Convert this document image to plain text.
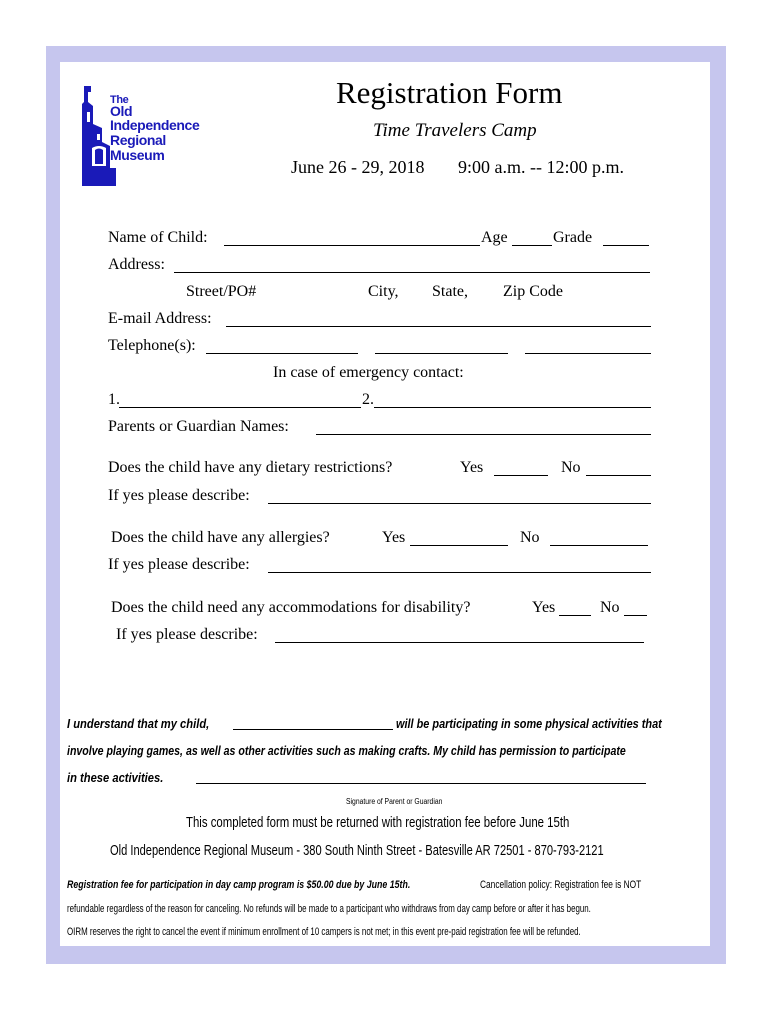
The
Old
Independence
Regional
Museum
Registration Form
Time Travelers Camp
June 26 - 29, 2018 9:00 a.m. -- 12:00 p.m.
Name of Child:	Age	Grade
Address:
Street/PO#	City, State, Zip Code
E-mail Address:
Telephone(s):
In case of emergency contact:
1.	2.
Parents or Guardian Names:
Does the child have any dietary restrictions?	Yes	No
If yes please describe:
Does the child have any allergies?	Yes	No
If yes please describe:
Does the child need any accommodations for disability?	Yes	No
If yes please describe:
I understand that my child,	will be participating in some physical activities that
involve playing games, as well as other activities such as making crafts. My child has permission to participate
in these activities.
Signature of Parent or Guardian
This completed form must be returned with registration fee before June 15th
Old Independence Regional Museum - 380 South Ninth Street - Batesville AR 72501 - 870-793-2121
Registration fee for participation in day camp program is $50.00 due by June 15th.	Cancellation policy: Registration fee is NOT
refundable regardless of the reason for canceling. No refunds will be made to a participant who withdraws from day camp before or after it has begun.
OIRM reserves the right to cancel the event if minimum enrollment of 10 campers is not met; in this event pre-paid registration fee will be refunded.
